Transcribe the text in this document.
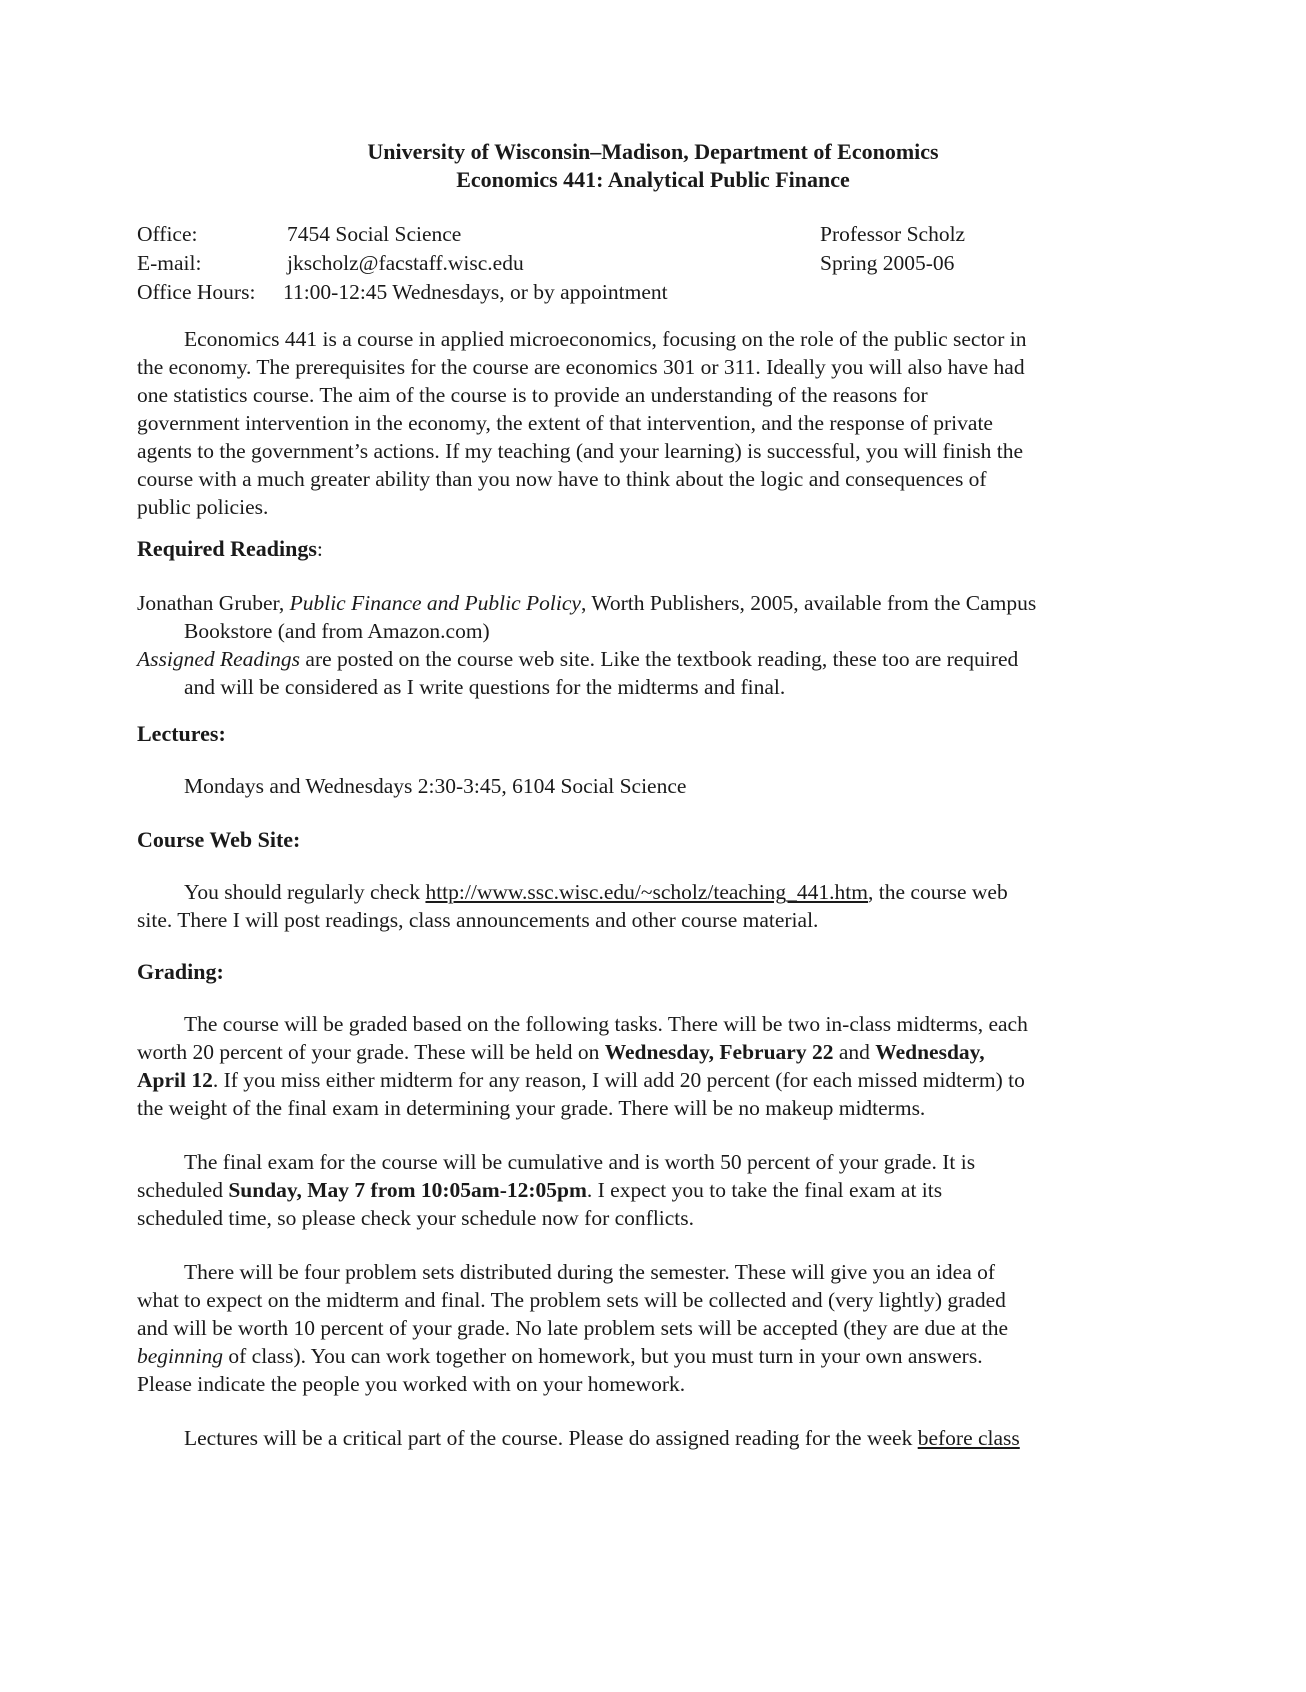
University of Wisconsin–Madison, Department of Economics
Economics 441: Analytical Public Finance
Office:	7454 Social Science	Professor Scholz
E-mail:	jkscholz@facstaff.wisc.edu	Spring 2005-06
Office Hours: 11:00-12:45 Wednesdays, or by appointment
Economics 441 is a course in applied microeconomics, focusing on the role of the public sector in
the economy. The prerequisites for the course are economics 301 or 311. Ideally you will also have had
one statistics course. The aim of the course is to provide an understanding of the reasons for
government intervention in the economy, the extent of that intervention, and the response of private
agents to the government’s actions. If my teaching (and your learning) is successful, you will finish the
course with a much greater ability than you now have to think about the logic and consequences of
public policies.
Required Readings:
Jonathan Gruber, Public Finance and Public Policy, Worth Publishers, 2005, available from the Campus
Bookstore (and from Amazon.com)
Assigned Readings are posted on the course web site. Like the textbook reading, these too are required
and will be considered as I write questions for the midterms and final.
Lectures:
Mondays and Wednesdays 2:30-3:45, 6104 Social Science
Course Web Site:
You should regularly check http://www.ssc.wisc.edu/~scholz/teaching_441.htm, the course web
site. There I will post readings, class announcements and other course material.
Grading:
The course will be graded based on the following tasks. There will be two in-class midterms, each
worth 20 percent of your grade. These will be held on Wednesday, February 22 and Wednesday,
April 12. If you miss either midterm for any reason, I will add 20 percent (for each missed midterm) to
the weight of the final exam in determining your grade. There will be no makeup midterms.
The final exam for the course will be cumulative and is worth 50 percent of your grade. It is
scheduled Sunday, May 7 from 10:05am-12:05pm. I expect you to take the final exam at its
scheduled time, so please check your schedule now for conflicts.
There will be four problem sets distributed during the semester. These will give you an idea of
what to expect on the midterm and final. The problem sets will be collected and (very lightly) graded
and will be worth 10 percent of your grade. No late problem sets will be accepted (they are due at the
beginning of class). You can work together on homework, but you must turn in your own answers.
Please indicate the people you worked with on your homework.
Lectures will be a critical part of the course. Please do assigned reading for the week before class
